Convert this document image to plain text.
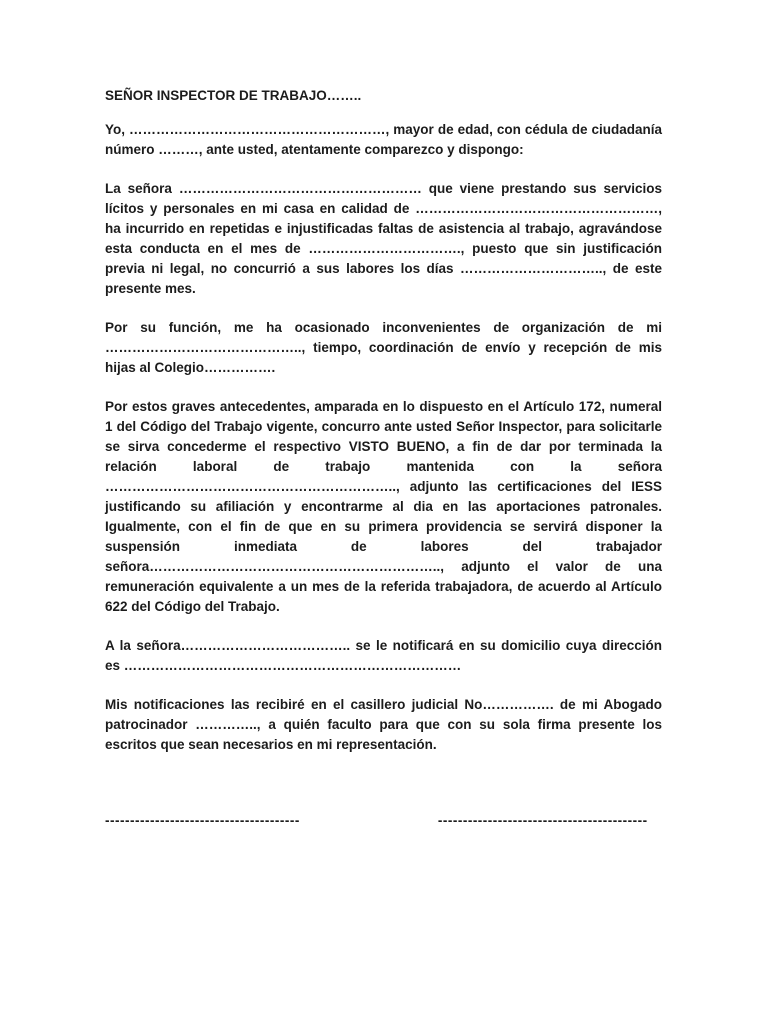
SEÑOR INSPECTOR DE TRABAJO……..

Yo, …………………………………………………, mayor de edad, con cédula de ciudadanía número ………, ante usted, atentamente comparezco y dispongo:

La señora ……………………………………………… que viene prestando sus servicios lícitos y personales en mi casa en calidad de ………………………………………………, ha incurrido en repetidas e injustificadas faltas de asistencia al trabajo, agravándose esta conducta en el mes de ……………………………., puesto que sin justificación previa ni legal, no concurrió a sus labores los días ………………………….., de este presente mes.

Por su función, me ha ocasionado inconvenientes de organización de mi …………………………………….., tiempo, coordinación de envío y recepción de mis hijas al Colegio…………….

Por estos graves antecedentes, amparada en lo dispuesto en el Artículo 172, numeral 1 del Código del Trabajo vigente, concurro ante usted Señor Inspector, para solicitarle se sirva concederme el respectivo VISTO BUENO, a fin de dar por terminada la relación laboral de trabajo mantenida con la señora ……………………………………………………….., adjunto las certificaciones del IESS justificando su afiliación y encontrarme al dia en las aportaciones patronales. Igualmente, con el fin de que en su primera providencia se servirá disponer la suspensión inmediata de labores del trabajador señora……………………………………………………….., adjunto el valor de una remuneración equivalente a un mes de la referida trabajadora, de acuerdo al Artículo 622 del Código del Trabajo.

A la señora……………………………….. se le notificará en su domicilio cuya dirección es …………………………………………………………………

Mis notificaciones las recibiré en el casillero judicial No……………. de mi Abogado patrocinador ………….., a quién faculto para que con su sola firma presente los escritos que sean necesarios en mi representación.

---------------------------------------	------------------------------------------
